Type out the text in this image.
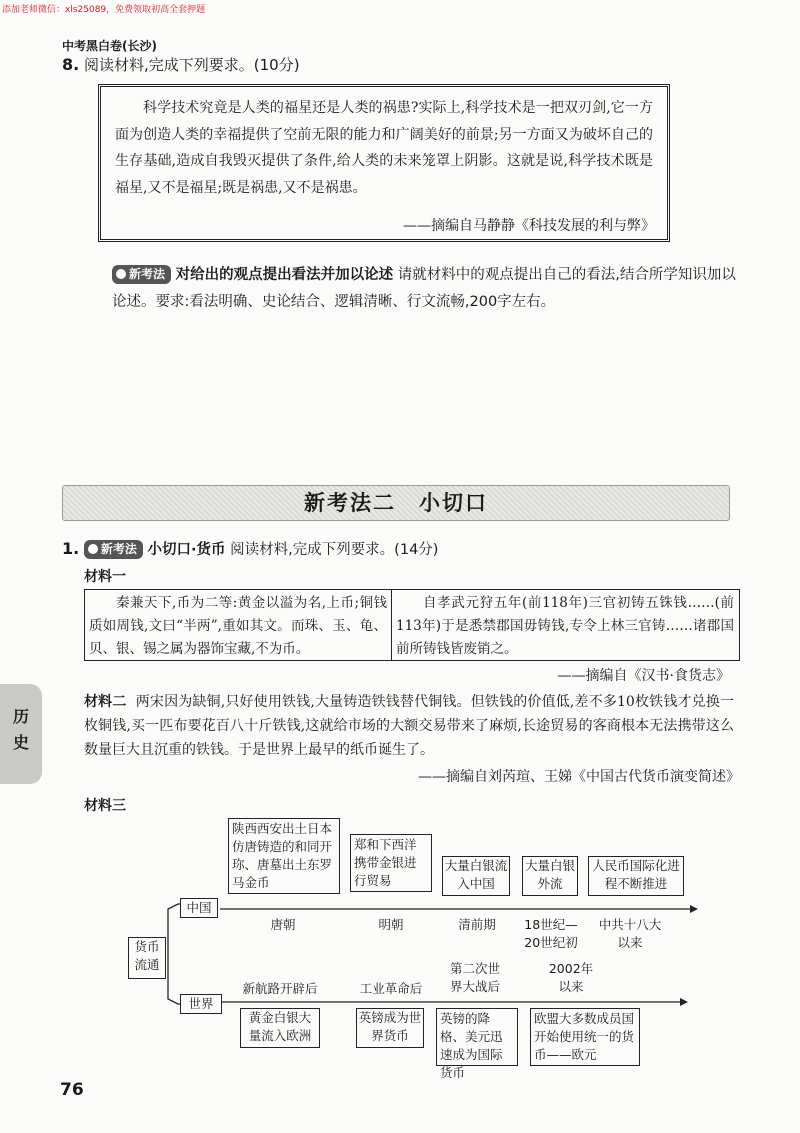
添加老师微信：xls25089，免费领取初高全套押题
中考黑白卷(长沙)
8. 阅读材料,完成下列要求。(10分)

科学技术究竟是人类的福星还是人类的祸患?实际上,科学技术是一把双刃剑,它一方面为创造人类的幸福提供了空前无限的能力和广阔美好的前景;另一方面又为破坏自己的生存基础,造成自我毁灭提供了条件,给人类的未来笼罩上阴影。这就是说,科学技术既是福星,又不是福星;既是祸患,又不是祸患。

——摘编自马静静《科技发展的利与弊》
新考法 对给出的观点提出看法并加以论述 请就材料中的观点提出自己的看法,结合所学知识加以论述。要求:看法明确、史论结合、逻辑清晰、行文流畅,200字左右。
新考法二　小切口
1. 新考法 小切口·货币 阅读材料,完成下列要求。(14分)
材料一
秦兼天下,币为二等:黄金以溢为名,上币;铜钱质如周钱,文曰“半两”,重如其文。而珠、玉、龟、贝、银、锡之属为器饰宝藏,不为币。
自孝武元狩五年(前118年)三官初铸五铢钱……(前113年)于是悉禁郡国毋铸钱,专令上林三官铸……诸郡国前所铸钱皆废销之。
——摘编自《汉书·食货志》
材料二 两宋因为缺铜,只好使用铁钱,大量铸造铁钱替代铜钱。但铁钱的价值低,差不多10枚铁钱才兑换一枚铜钱,买一匹布要花百八十斤铁钱,这就给市场的大额交易带来了麻烦,长途贸易的客商根本无法携带这么数量巨大且沉重的铁钱。于是世界上最早的纸币诞生了。
——摘编自刘芮瑄、王娣《中国古代货币演变简述》
材料三
历
史
货币流通
中国
世界
陕西西安出土日本仿唐铸造的和同开珎、唐墓出土东罗马金币
郑和下西洋携带金银进行贸易
大量白银流入中国
大量白银外流
人民币国际化进程不断推进
唐朝	明朝	清前期	18世纪—20世纪初
中共十八大以来
新航路开辟后	工业革命后
第二次世界大战后
2002年以来
黄金白银大量流入欧洲
英镑成为世界货币
英镑的降格、美元迅速成为国际货币
欧盟大多数成员国开始使用统一的货币——欧元
76
